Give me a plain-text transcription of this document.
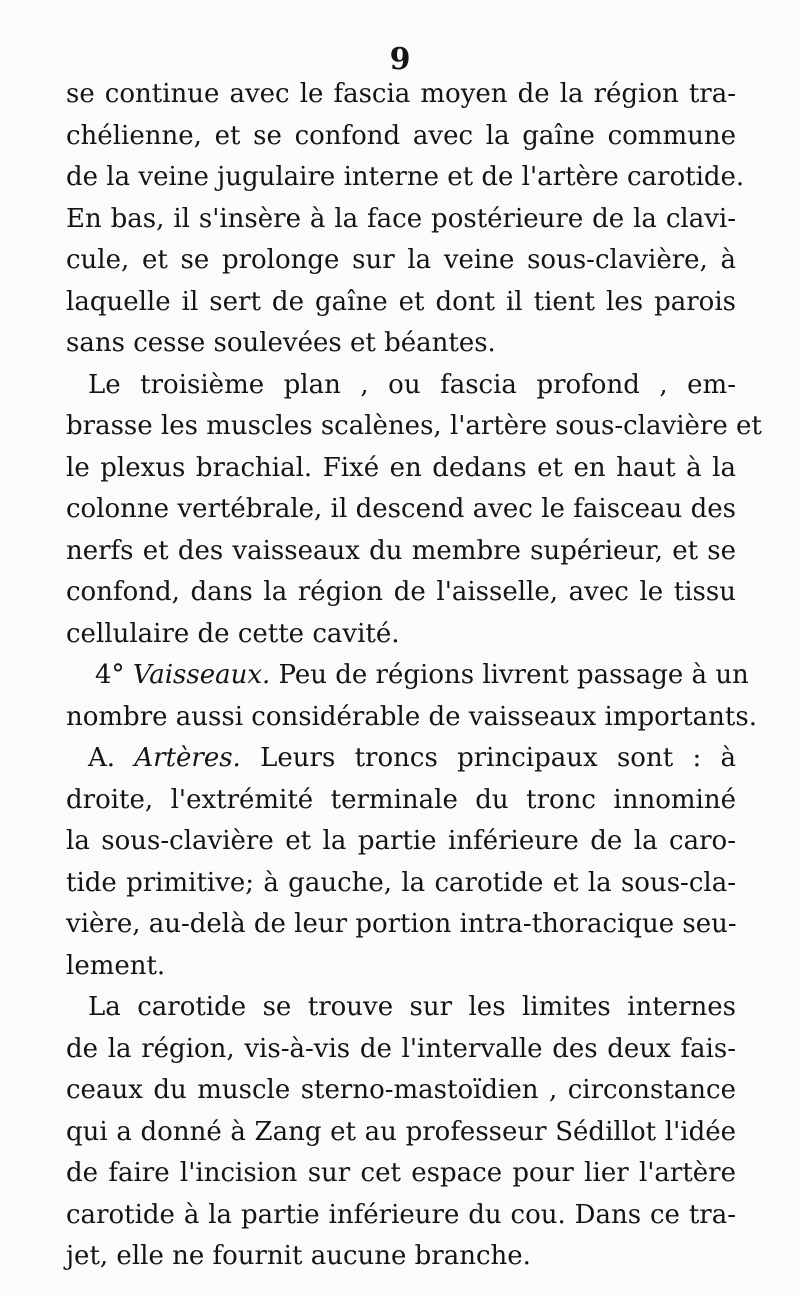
9
se continue avec le fascia moyen de la région tra-
chélienne, et se confond avec la gaîne commune
de la veine jugulaire interne et de l'artère carotide.
En bas, il s'insère à la face postérieure de la clavi-
cule, et se prolonge sur la veine sous-clavière, à
laquelle il sert de gaîne et dont il tient les parois
sans cesse soulevées et béantes.
Le troisième plan , ou fascia profond , em-
brasse les muscles scalènes, l'artère sous-clavière et
le plexus brachial. Fixé en dedans et en haut à la
colonne vertébrale, il descend avec le faisceau des
nerfs et des vaisseaux du membre supérieur, et se
confond, dans la région de l'aisselle, avec le tissu
cellulaire de cette cavité.
4° Vaisseaux. Peu de régions livrent passage à un
nombre aussi considérable de vaisseaux importants.
A. Artères. Leurs troncs principaux sont : à
droite, l'extrémité terminale du tronc innominé
la sous-clavière et la partie inférieure de la caro-
tide primitive; à gauche, la carotide et la sous-cla-
vière, au-delà de leur portion intra-thoracique seu-
lement.
La carotide se trouve sur les limites internes
de la région, vis-à-vis de l'intervalle des deux fais-
ceaux du muscle sterno-mastoïdien , circonstance
qui a donné à Zang et au professeur Sédillot l'idée
de faire l'incision sur cet espace pour lier l'artère
carotide à la partie inférieure du cou. Dans ce tra-
jet, elle ne fournit aucune branche.
